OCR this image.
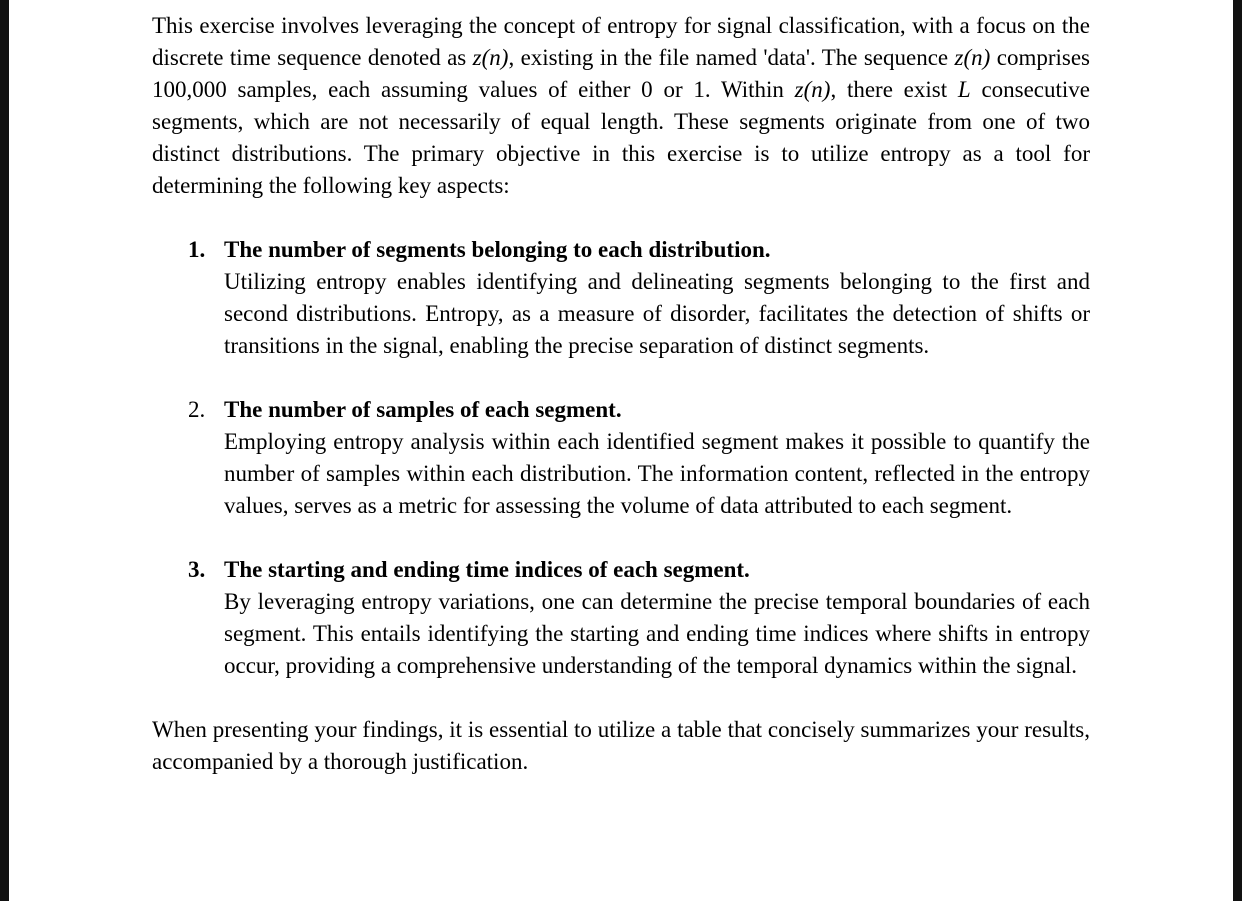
This exercise involves leveraging the concept of entropy for signal classification, with a focus on the discrete time sequence denoted as z(n), existing in the file named 'data'. The sequence z(n) comprises 100,000 samples, each assuming values of either 0 or 1. Within z(n), there exist L consecutive segments, which are not necessarily of equal length. These segments originate from one of two distinct distributions. The primary objective in this exercise is to utilize entropy as a tool for determining the following key aspects:

1. The number of segments belonging to each distribution.

Utilizing entropy enables identifying and delineating segments belonging to the first and second distributions. Entropy, as a measure of disorder, facilitates the detection of shifts or transitions in the signal, enabling the precise separation of distinct segments.

2. The number of samples of each segment.

Employing entropy analysis within each identified segment makes it possible to quantify the number of samples within each distribution. The information content, reflected in the entropy values, serves as a metric for assessing the volume of data attributed to each segment.

3. The starting and ending time indices of each segment.

By leveraging entropy variations, one can determine the precise temporal boundaries of each segment. This entails identifying the starting and ending time indices where shifts in entropy occur, providing a comprehensive understanding of the temporal dynamics within the signal.

When presenting your findings, it is essential to utilize a table that concisely summarizes your results, accompanied by a thorough justification.
